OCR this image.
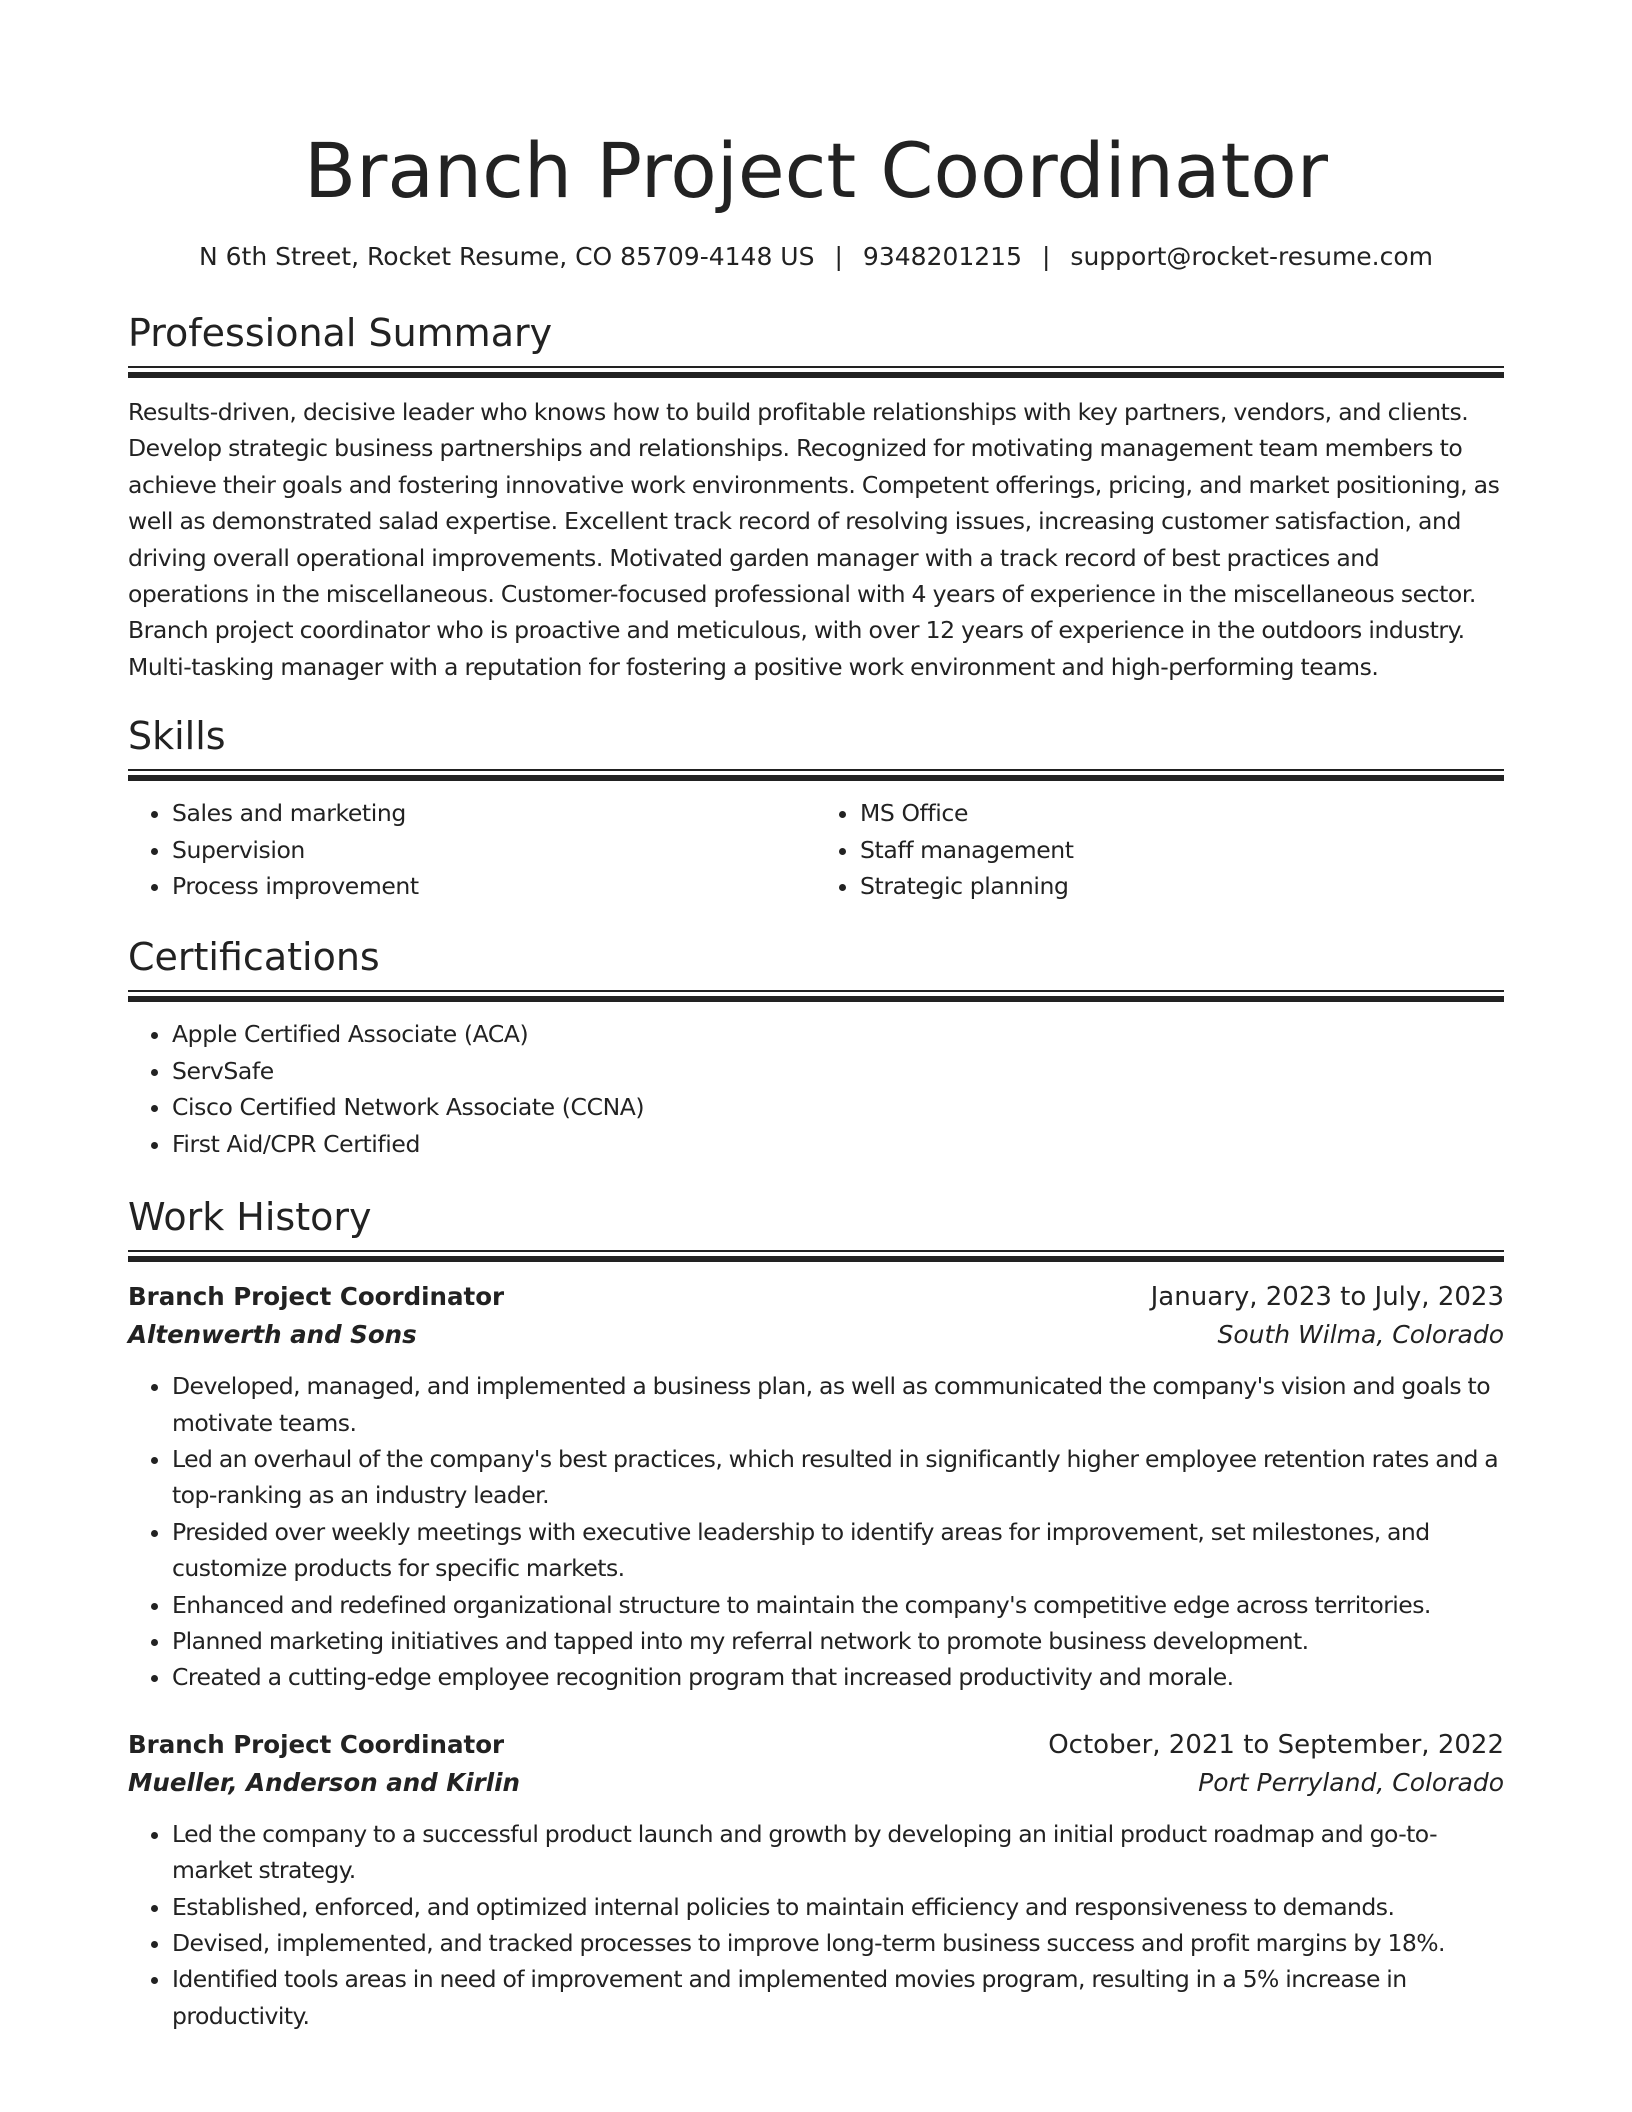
Branch Project Coordinator
N 6th Street, Rocket Resume, CO 85709-4148 US | 9348201215 | support@rocket-resume.com
Professional Summary
Results-driven, decisive leader who knows how to build profitable relationships with key partners, vendors, and clients. Develop strategic business partnerships and relationships. Recognized for motivating management team members to achieve their goals and fostering innovative work environments. Competent offerings, pricing, and market positioning, as well as demonstrated salad expertise. Excellent track record of resolving issues, increasing customer satisfaction, and driving overall operational improvements. Motivated garden manager with a track record of best practices and operations in the miscellaneous. Customer-focused professional with 4 years of experience in the miscellaneous sector. Branch project coordinator who is proactive and meticulous, with over 12 years of experience in the outdoors industry. Multi-tasking manager with a reputation for fostering a positive work environment and high-performing teams.
Skills
• Sales and marketing
• Supervision
• Process improvement
• MS Office
• Staff management
• Strategic planning
Certifications
• Apple Certified Associate (ACA)
• ServSafe
• Cisco Certified Network Associate (CCNA)
• First Aid/CPR Certified
Work History
Branch Project Coordinator	January, 2023 to July, 2023
Altenwerth and Sons	South Wilma, Colorado
• Developed, managed, and implemented a business plan, as well as communicated the company's vision and goals to motivate teams.
• Led an overhaul of the company's best practices, which resulted in significantly higher employee retention rates and a top-ranking as an industry leader.
• Presided over weekly meetings with executive leadership to identify areas for improvement, set milestones, and customize products for specific markets.
• Enhanced and redefined organizational structure to maintain the company's competitive edge across territories.
• Planned marketing initiatives and tapped into my referral network to promote business development.
• Created a cutting-edge employee recognition program that increased productivity and morale.
Branch Project Coordinator	October, 2021 to September, 2022
Mueller, Anderson and Kirlin	Port Perryland, Colorado
• Led the company to a successful product launch and growth by developing an initial product roadmap and go-to-market strategy.
• Established, enforced, and optimized internal policies to maintain efficiency and responsiveness to demands.
• Devised, implemented, and tracked processes to improve long-term business success and profit margins by 18%.
• Identified tools areas in need of improvement and implemented movies program, resulting in a 5% increase in productivity.
